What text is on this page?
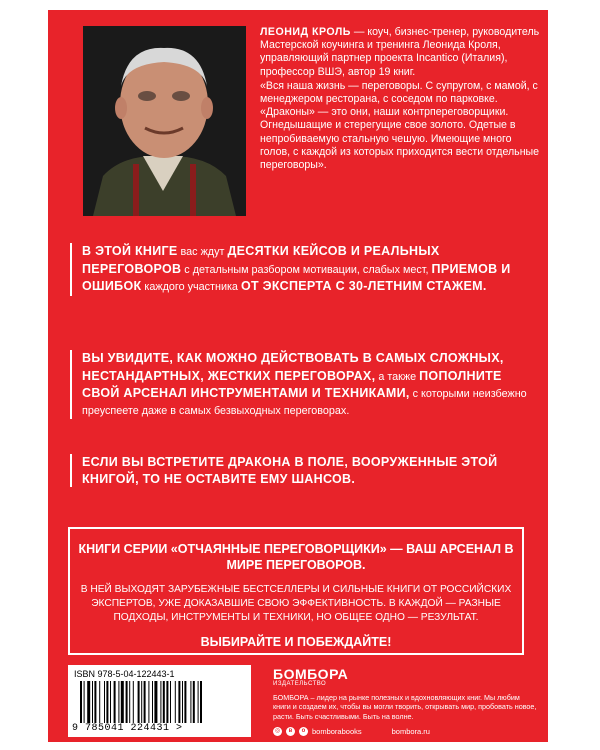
ЛЕОНИД КРОЛЬ — коуч, бизнес-тренер, руководитель Мастерской коучинга и тренинга Леонида Кроля, управляющий партнер проекта Incantico (Италия), профессор ВШЭ, автор 19 книг.

«Вся наша жизнь — переговоры. С супругом, с мамой, с менеджером ресторана, с соседом по парковке. «Драконы» — это они, наши контрпереговорщики. Огнедышащие и стерегущие свое золото. Одетые в непробиваемую стальную чешую. Имеющие много голов, с каждой из которых приходится вести отдельные переговоры».

В ЭТОЙ КНИГЕ вас ждут ДЕСЯТКИ КЕЙСОВ И РЕАЛЬНЫХ ПЕРЕГОВОРОВ с детальным разбором мотивации, слабых мест, ПРИЕМОВ И ОШИБОК каждого участника ОТ ЭКСПЕРТА С 30-ЛЕТНИМ СТАЖЕМ.
ВЫ УВИДИТЕ, КАК МОЖНО ДЕЙСТВОВАТЬ В САМЫХ СЛОЖНЫХ, НЕСТАНДАРТНЫХ, ЖЕСТКИХ ПЕРЕГОВОРАХ, а также ПОПОЛНИТЕ СВОЙ АРСЕНАЛ ИНСТРУМЕНТАМИ И ТЕХНИКАМИ, с которыми неизбежно преуспеете даже в самых безвыходных переговорах.
ЕСЛИ ВЫ ВСТРЕТИТЕ ДРАКОНА В ПОЛЕ, ВООРУЖЕННЫЕ ЭТОЙ КНИГОЙ, ТО НЕ ОСТАВИТЕ ЕМУ ШАНСОВ.
КНИГИ СЕРИИ «ОТЧАЯННЫЕ ПЕРЕГОВОРЩИКИ» — ВАШ АРСЕНАЛ В МИРЕ ПЕРЕГОВОРОВ.
В НЕЙ ВЫХОДЯТ ЗАРУБЕЖНЫЕ БЕСТСЕЛЛЕРЫ И СИЛЬНЫЕ КНИГИ ОТ РОССИЙСКИХ ЭКСПЕРТОВ, УЖЕ ДОКАЗАВШИЕ СВОЮ ЭФФЕКТИВНОСТЬ. В КАЖДОЙ — РАЗНЫЕ ПОДХОДЫ, ИНСТРУМЕНТЫ И ТЕХНИКИ, НО ОБЩЕЕ ОДНО — РЕЗУЛЬТАТ.
ВЫБИРАЙТЕ И ПОБЕЖДАЙТЕ!
ISBN 978-5-04-122443-1
9 785041 224431 >
БОМБОРА
ИЗДАТЕЛЬСТВО
БОМБОРА – лидер на рынке полезных и вдохновляющих книг. Мы любим книги и создаем их, чтобы вы могли творить, открывать мир, пробовать новое, расти. Быть счастливыми. Быть на волне.
◎	в	о bomborabooks	bombora.ru
